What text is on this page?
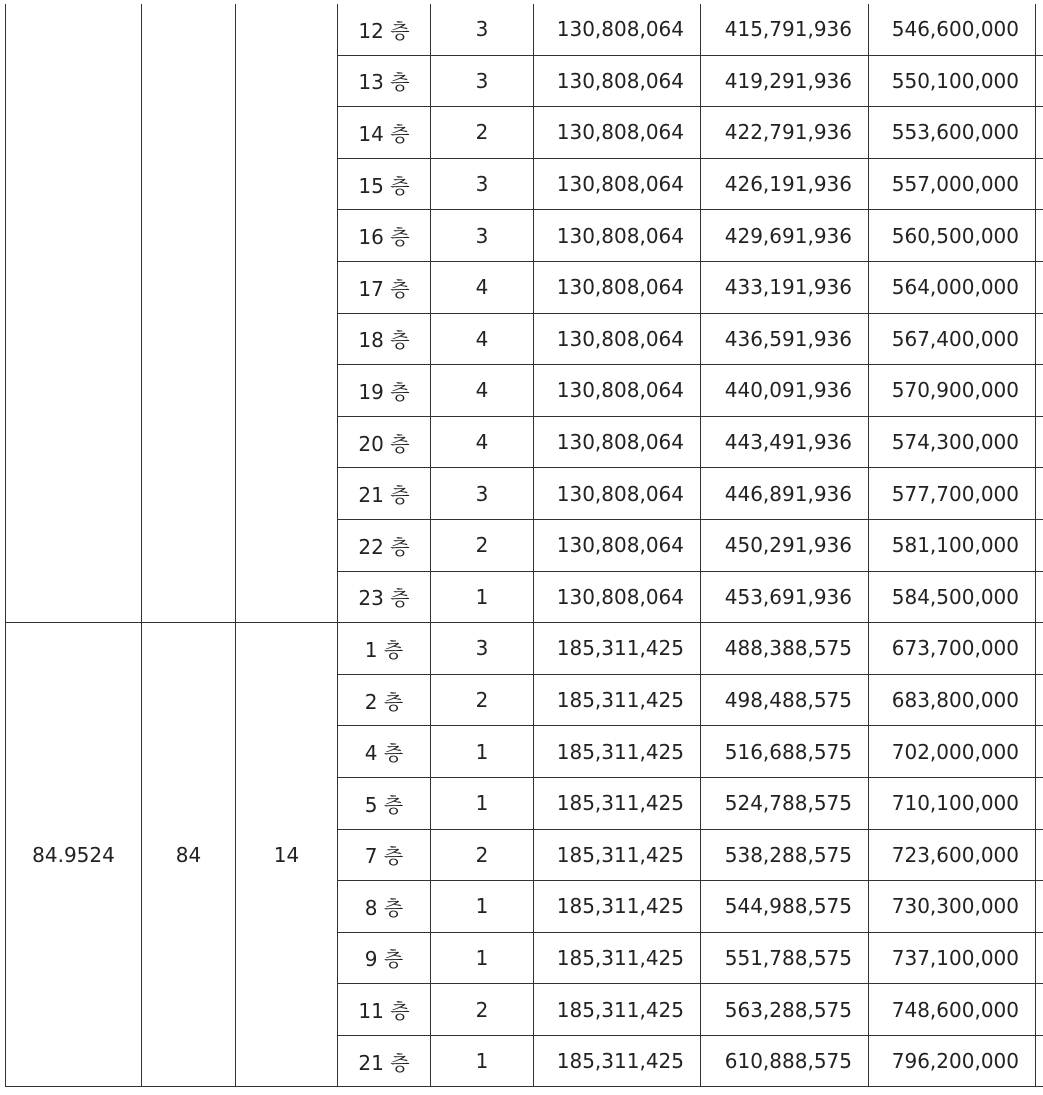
			12 층	3	130,808,064	415,791,936	546,600,000	
			13 층	3	130,808,064	419,291,936	550,100,000	
			14 층	2	130,808,064	422,791,936	553,600,000	
			15 층	3	130,808,064	426,191,936	557,000,000	
			16 층	3	130,808,064	429,691,936	560,500,000	
			17 층	4	130,808,064	433,191,936	564,000,000	
			18 층	4	130,808,064	436,591,936	567,400,000	
			19 층	4	130,808,064	440,091,936	570,900,000	
			20 층	4	130,808,064	443,491,936	574,300,000	
			21 층	3	130,808,064	446,891,936	577,700,000	
			22 층	2	130,808,064	450,291,936	581,100,000	
			23 층	1	130,808,064	453,691,936	584,500,000	
84.9524	84	14	1 층	3	185,311,425	488,388,575	673,700,000	
			2 층	2	185,311,425	498,488,575	683,800,000	
			4 층	1	185,311,425	516,688,575	702,000,000	
			5 층	1	185,311,425	524,788,575	710,100,000	
			7 층	2	185,311,425	538,288,575	723,600,000	
			8 층	1	185,311,425	544,988,575	730,300,000	
			9 층	1	185,311,425	551,788,575	737,100,000	
			11 층	2	185,311,425	563,288,575	748,600,000	
			21 층	1	185,311,425	610,888,575	796,200,000	
